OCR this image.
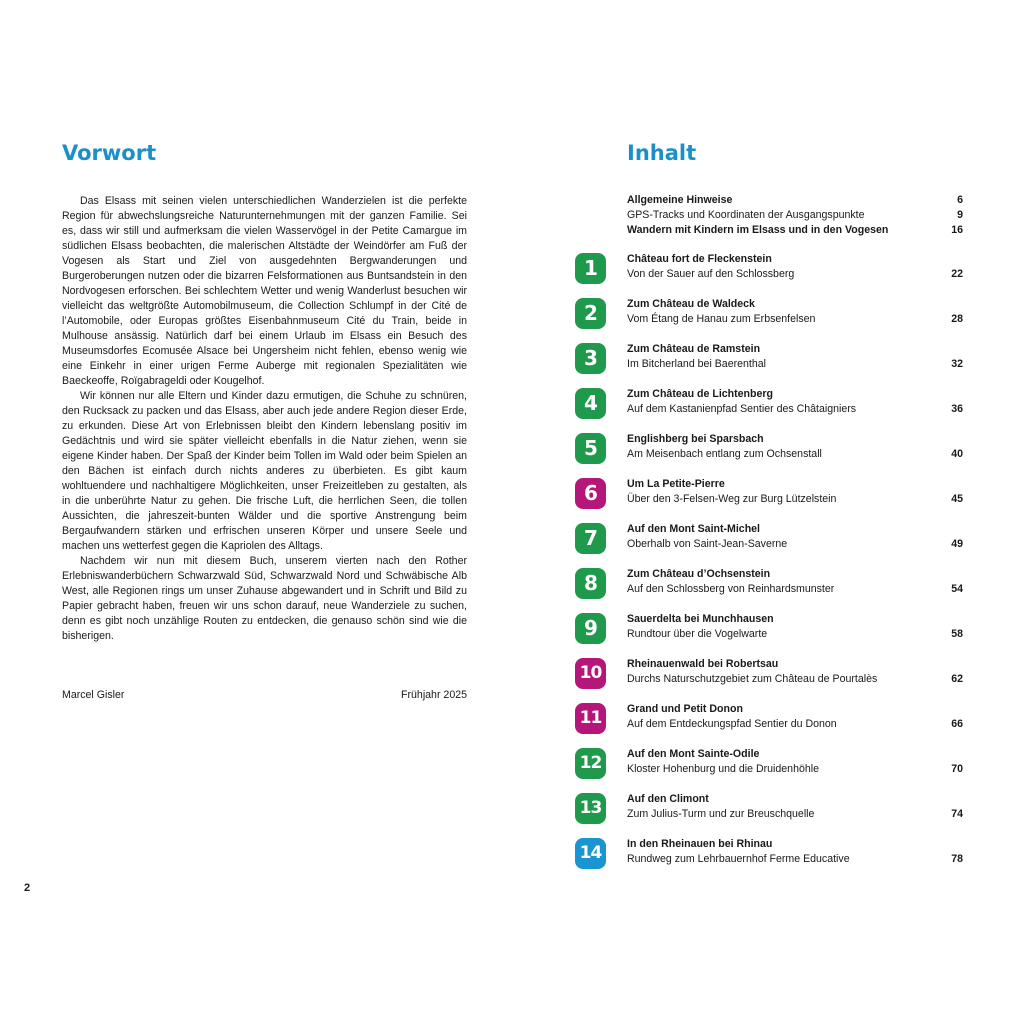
Vorwort

Das Elsass mit seinen vielen unterschiedlichen Wanderzielen ist die perfekte Region für abwechslungsreiche Naturunternehmungen mit der ganzen Familie. Sei es, dass wir still und aufmerksam die vielen Wasservögel in der Petite Camargue im südlichen Elsass beobachten, die malerischen Altstädte der Weindörfer am Fuß der Vogesen als Start und Ziel von ausgedehnten Bergwanderungen und Burgeroberungen nutzen oder die bizarren Felsformationen aus Buntsandstein in den Nordvogesen erforschen. Bei schlechtem Wetter und wenig Wanderlust besuchen wir vielleicht das weltgrößte Automobilmuseum, die Collection Schlumpf in der Cité de l’Automobile, oder Europas größtes Eisenbahnmuseum Cité du Train, beide in Mulhouse ansässig. Natürlich darf bei einem Urlaub im Elsass ein Besuch des Museumsdorfes Ecomusée Alsace bei Ungersheim nicht fehlen, ebenso wenig wie eine Einkehr in einer urigen Ferme Auberge mit regionalen Spezialitäten wie Baeckeoffe, Roïgabrageldi oder Kougelhof.

Wir können nur alle Eltern und Kinder dazu ermutigen, die Schuhe zu schnüren, den Rucksack zu packen und das Elsass, aber auch jede andere Region dieser Erde, zu erkunden. Diese Art von Erlebnissen bleibt den Kindern lebenslang positiv im Gedächtnis und wird sie später vielleicht ebenfalls in die Natur ziehen, wenn sie eigene Kinder haben. Der Spaß der Kinder beim Tollen im Wald oder beim Spielen an den Bächen ist einfach durch nichts anderes zu überbieten. Es gibt kaum wohltuendere und nachhaltigere Möglichkeiten, unser Freizeitleben zu gestalten, als in die unberührte Natur zu gehen. Die frische Luft, die herrlichen Seen, die tollen Aussichten, die jahreszeit-bunten Wälder und die sportive Anstrengung beim Bergaufwandern stärken und erfrischen unseren Körper und unsere Seele und machen uns wetterfest gegen die Kapriolen des Alltags.

Nachdem wir nun mit diesem Buch, unserem vierten nach den Rother Erlebniswanderbüchern Schwarzwald Süd, Schwarzwald Nord und Schwäbische Alb West, alle Regionen rings um unser Zuhause abgewandert und in Schrift und Bild zu Papier gebracht haben, freuen wir uns schon darauf, neue Wanderziele zu suchen, denn es gibt noch unzählige Routen zu entdecken, die genauso schön sind wie die bisherigen.

Marcel Gisler	Frühjahr 2025
2
Inhalt
Allgemeine Hinweise	6
GPS-Tracks und Koordinaten der Ausgangspunkte	9
Wandern mit Kindern im Elsass und in den Vogesen	16
1	Château fort de Fleckenstein
Von der Sauer auf den Schlossberg	22
2	Zum Château de Waldeck
Vom Étang de Hanau zum Erbsenfelsen	28
3	Zum Château de Ramstein
Im Bitcherland bei Baerenthal	32
4	Zum Château de Lichtenberg
Auf dem Kastanienpfad Sentier des Châtaigniers	36
5	Englishberg bei Sparsbach
Am Meisenbach entlang zum Ochsenstall	40
6	Um La Petite-Pierre
Über den 3-Felsen-Weg zur Burg Lützelstein	45
7	Auf den Mont Saint-Michel
Oberhalb von Saint-Jean-Saverne	49
8	Zum Château d’Ochsenstein
Auf den Schlossberg von Reinhardsmunster	54
9	Sauerdelta bei Munchhausen
Rundtour über die Vogelwarte	58
10	Rheinauenwald bei Robertsau
Durchs Naturschutzgebiet zum Château de Pourtalès	62
11	Grand und Petit Donon
Auf dem Entdeckungspfad Sentier du Donon	66
12	Auf den Mont Sainte-Odile
Kloster Hohenburg und die Druidenhöhle	70
13	Auf den Climont
Zum Julius-Turm und zur Breuschquelle	74
14	In den Rheinauen bei Rhinau
Rundweg zum Lehrbauernhof Ferme Educative	78
